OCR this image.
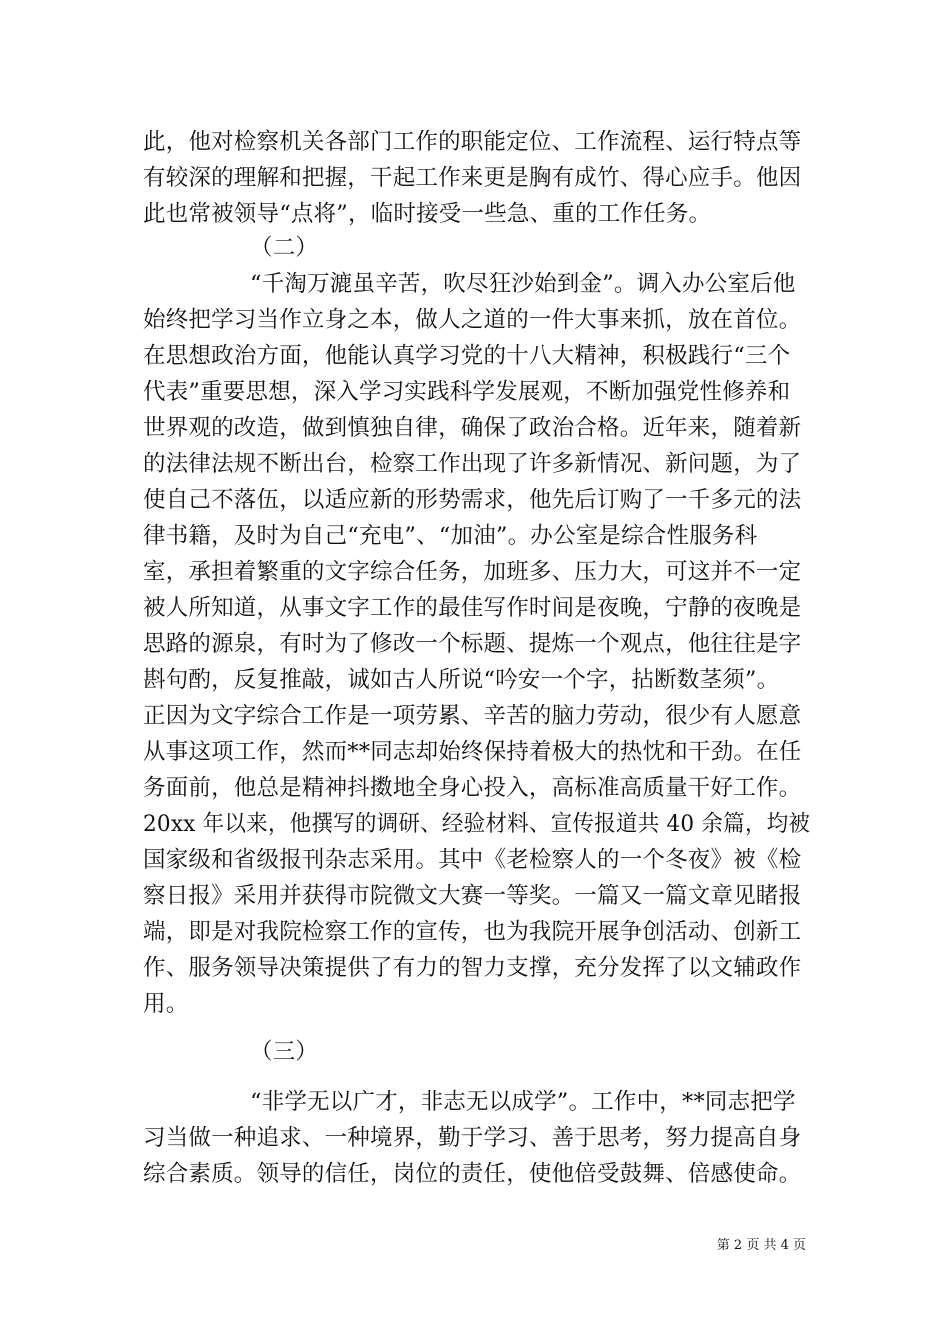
此，他对检察机关各部门工作的职能定位、工作流程、运行特点等
有较深的理解和把握，干起工作来更是胸有成竹、得心应手。他因
此也常被领导“点将”，临时接受一些急、重的工作任务。
（二）
“千淘万漉虽辛苦，吹尽狂沙始到金”。调入办公室后他
始终把学习当作立身之本，做人之道的一件大事来抓，放在首位。
在思想政治方面，他能认真学习党的十八大精神，积极践行“三个
代表”重要思想，深入学习实践科学发展观，不断加强党性修养和
世界观的改造，做到慎独自律，确保了政治合格。近年来，随着新
的法律法规不断出台，检察工作出现了许多新情况、新问题，为了
使自己不落伍，以适应新的形势需求，他先后订购了一千多元的法
律书籍，及时为自己“充电”、“加油”。办公室是综合性服务科
室，承担着繁重的文字综合任务，加班多、压力大，可这并不一定
被人所知道，从事文字工作的最佳写作时间是夜晚，宁静的夜晚是
思路的源泉，有时为了修改一个标题、提炼一个观点，他往往是字
斟句酌，反复推敲，诚如古人所说“吟安一个字，拈断数茎须”。
正因为文字综合工作是一项劳累、辛苦的脑力劳动，很少有人愿意
从事这项工作，然而**同志却始终保持着极大的热忱和干劲。在任
务面前，他总是精神抖擞地全身心投入，高标准高质量干好工作。
20xx 年以来，他撰写的调研、经验材料、宣传报道共 40 余篇，均被
国家级和省级报刊杂志采用。其中《老检察人的一个冬夜》被《检
察日报》采用并获得市院微文大赛一等奖。一篇又一篇文章见睹报
端，即是对我院检察工作的宣传，也为我院开展争创活动、创新工
作、服务领导决策提供了有力的智力支撑，充分发挥了以文辅政作
用。
（三）
“非学无以广才，非志无以成学”。工作中，**同志把学
习当做一种追求、一种境界，勤于学习、善于思考，努力提高自身
综合素质。领导的信任，岗位的责任，使他倍受鼓舞、倍感使命。
第 2 页 共 4 页
